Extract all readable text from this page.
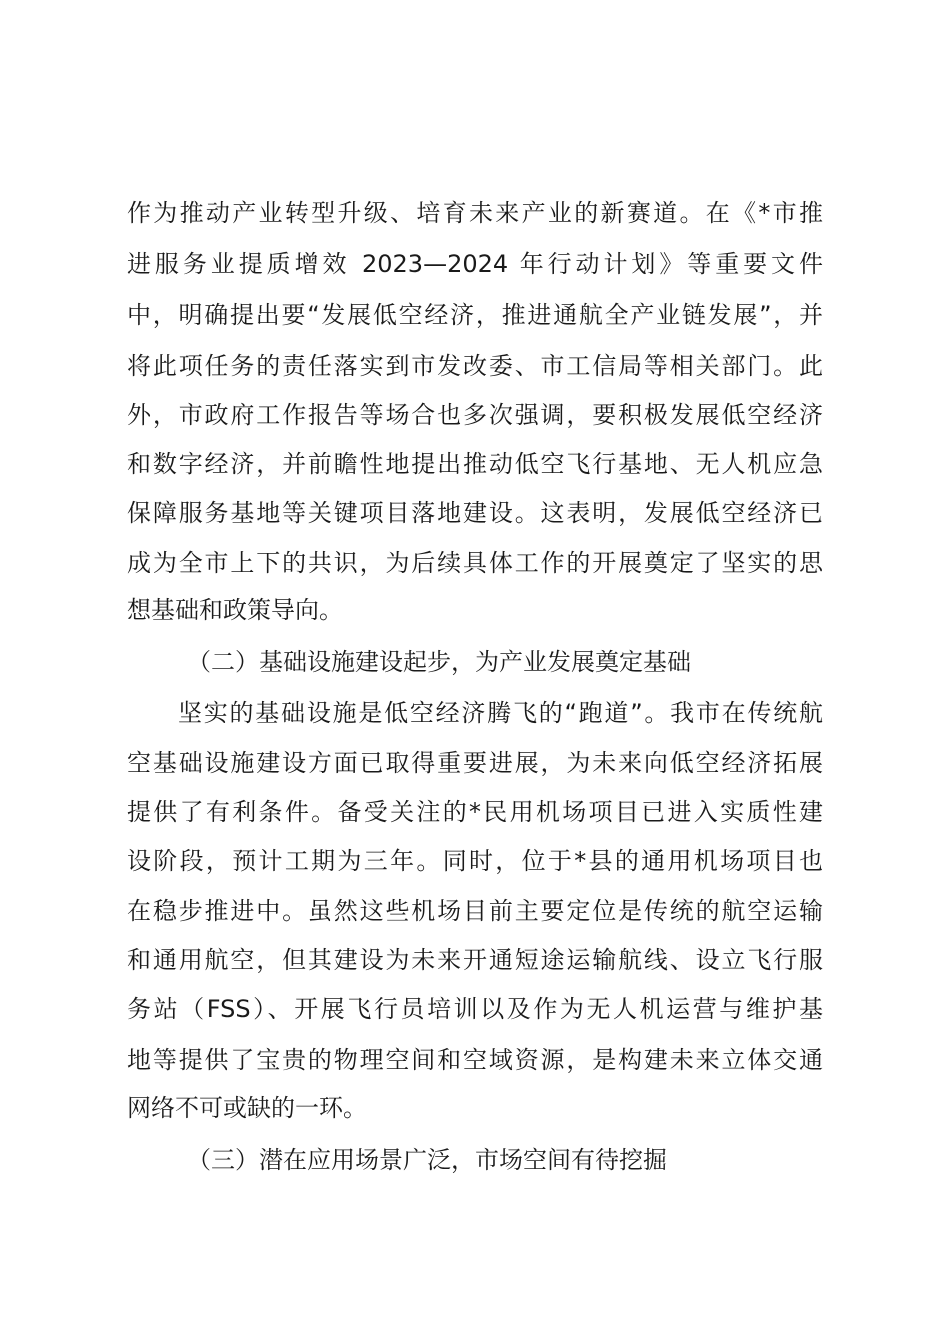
作为推动产业转型升级、培育未来产业的新赛道。在《*市推
进服务业提质增效 2023—2024 年行动计划》等重要文件
中，明确提出要“发展低空经济，推进通航全产业链发展”，并
将此项任务的责任落实到市发改委、市工信局等相关部门。此
外，市政府工作报告等场合也多次强调，要积极发展低空经济
和数字经济，并前瞻性地提出推动低空飞行基地、无人机应急
保障服务基地等关键项目落地建设。这表明，发展低空经济已
成为全市上下的共识，为后续具体工作的开展奠定了坚实的思
想基础和政策导向。
（二）基础设施建设起步，为产业发展奠定基础
坚实的基础设施是低空经济腾飞的“跑道”。我市在传统航
空基础设施建设方面已取得重要进展，为未来向低空经济拓展
提供了有利条件。备受关注的*民用机场项目已进入实质性建
设阶段，预计工期为三年。同时，位于*县的通用机场项目也
在稳步推进中。虽然这些机场目前主要定位是传统的航空运输
和通用航空，但其建设为未来开通短途运输航线、设立飞行服
务站（FSS）、开展飞行员培训以及作为无人机运营与维护基
地等提供了宝贵的物理空间和空域资源，是构建未来立体交通
网络不可或缺的一环。
（三）潜在应用场景广泛，市场空间有待挖掘
